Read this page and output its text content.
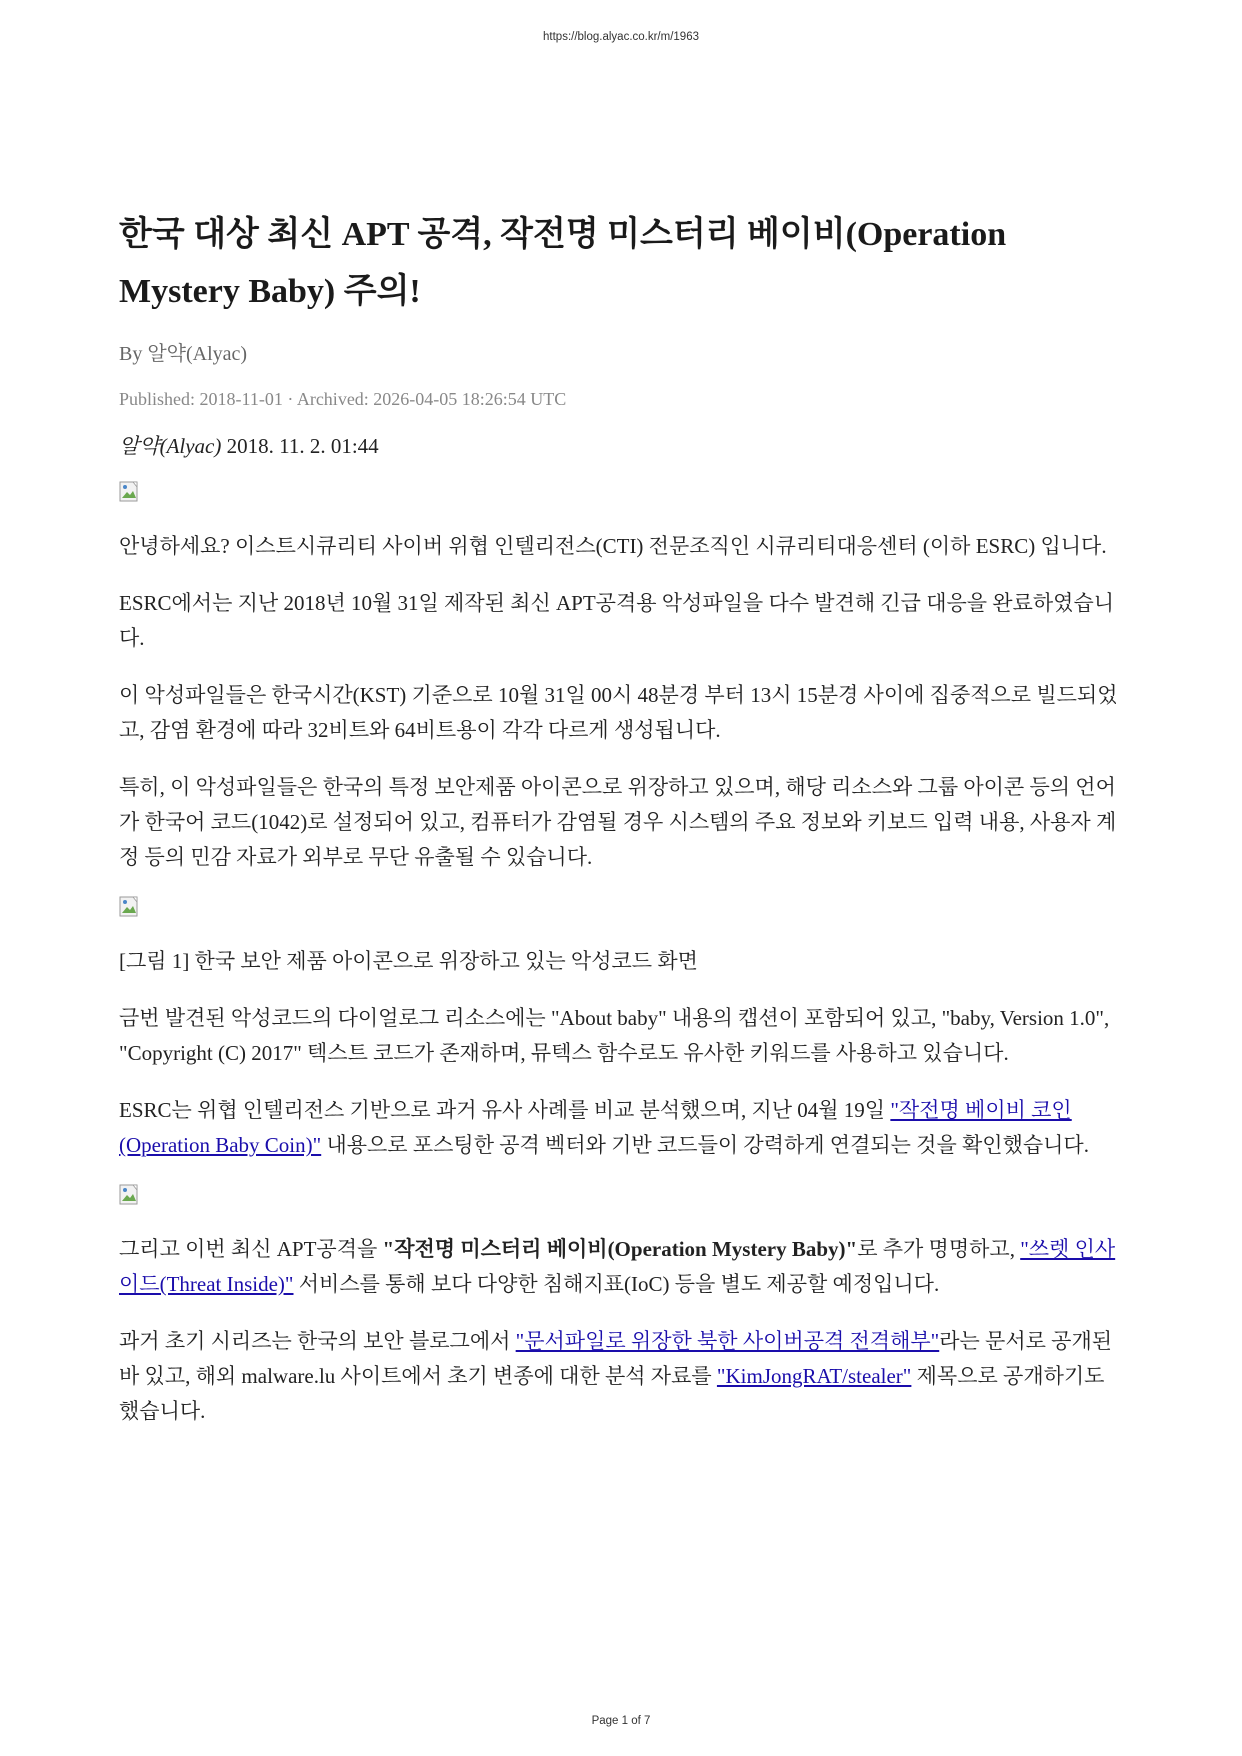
https://blog.alyac.co.kr/m/1963
한국 대상 최신 APT 공격, 작전명 미스터리 베이비(Operation Mystery Baby) 주의!

By 알약(Alyac)

Published: 2018-11-01 · Archived: 2026-04-05 18:26:54 UTC

알약(Alyac) 2018. 11. 2. 01:44

안녕하세요? 이스트시큐리티 사이버 위협 인텔리전스(CTI) 전문조직인 시큐리티대응센터 (이하 ESRC) 입니다.

ESRC에서는 지난 2018년 10월 31일 제작된 최신 APT공격용 악성파일을 다수 발견해 긴급 대응을 완료하였습니다.

이 악성파일들은 한국시간(KST) 기준으로 10월 31일 00시 48분경 부터 13시 15분경 사이에 집중적으로 빌드되었고, 감염 환경에 따라 32비트와 64비트용이 각각 다르게 생성됩니다.

특히, 이 악성파일들은 한국의 특정 보안제품 아이콘으로 위장하고 있으며, 해당 리소스와 그룹 아이콘 등의 언어가 한국어 코드(1042)로 설정되어 있고, 컴퓨터가 감염될 경우 시스템의 주요 정보와 키보드 입력 내용, 사용자 계정 등의 민감 자료가 외부로 무단 유출될 수 있습니다.

[그림 1] 한국 보안 제품 아이콘으로 위장하고 있는 악성코드 화면

금번 발견된 악성코드의 다이얼로그 리소스에는 "About baby" 내용의 캡션이 포함되어 있고, "baby, Version 1.0", "Copyright (C) 2017" 텍스트 코드가 존재하며, 뮤텍스 함수로도 유사한 키워드를 사용하고 있습니다.

ESRC는 위협 인텔리전스 기반으로 과거 유사 사례를 비교 분석했으며, 지난 04월 19일 "작전명 베이비 코인(Operation Baby Coin)" 내용으로 포스팅한 공격 벡터와 기반 코드들이 강력하게 연결되는 것을 확인했습니다.

그리고 이번 최신 APT공격을 "작전명 미스터리 베이비(Operation Mystery Baby)"로 추가 명명하고, "쓰렛 인사이드(Threat Inside)" 서비스를 통해 보다 다양한 침해지표(IoC) 등을 별도 제공할 예정입니다.

과거 초기 시리즈는 한국의 보안 블로그에서 "문서파일로 위장한 북한 사이버공격 전격해부"라는 문서로 공개된 바 있고, 해외 malware.lu 사이트에서 초기 변종에 대한 분석 자료를 "KimJongRAT/stealer" 제목으로 공개하기도 했습니다.

Page 1 of 7
